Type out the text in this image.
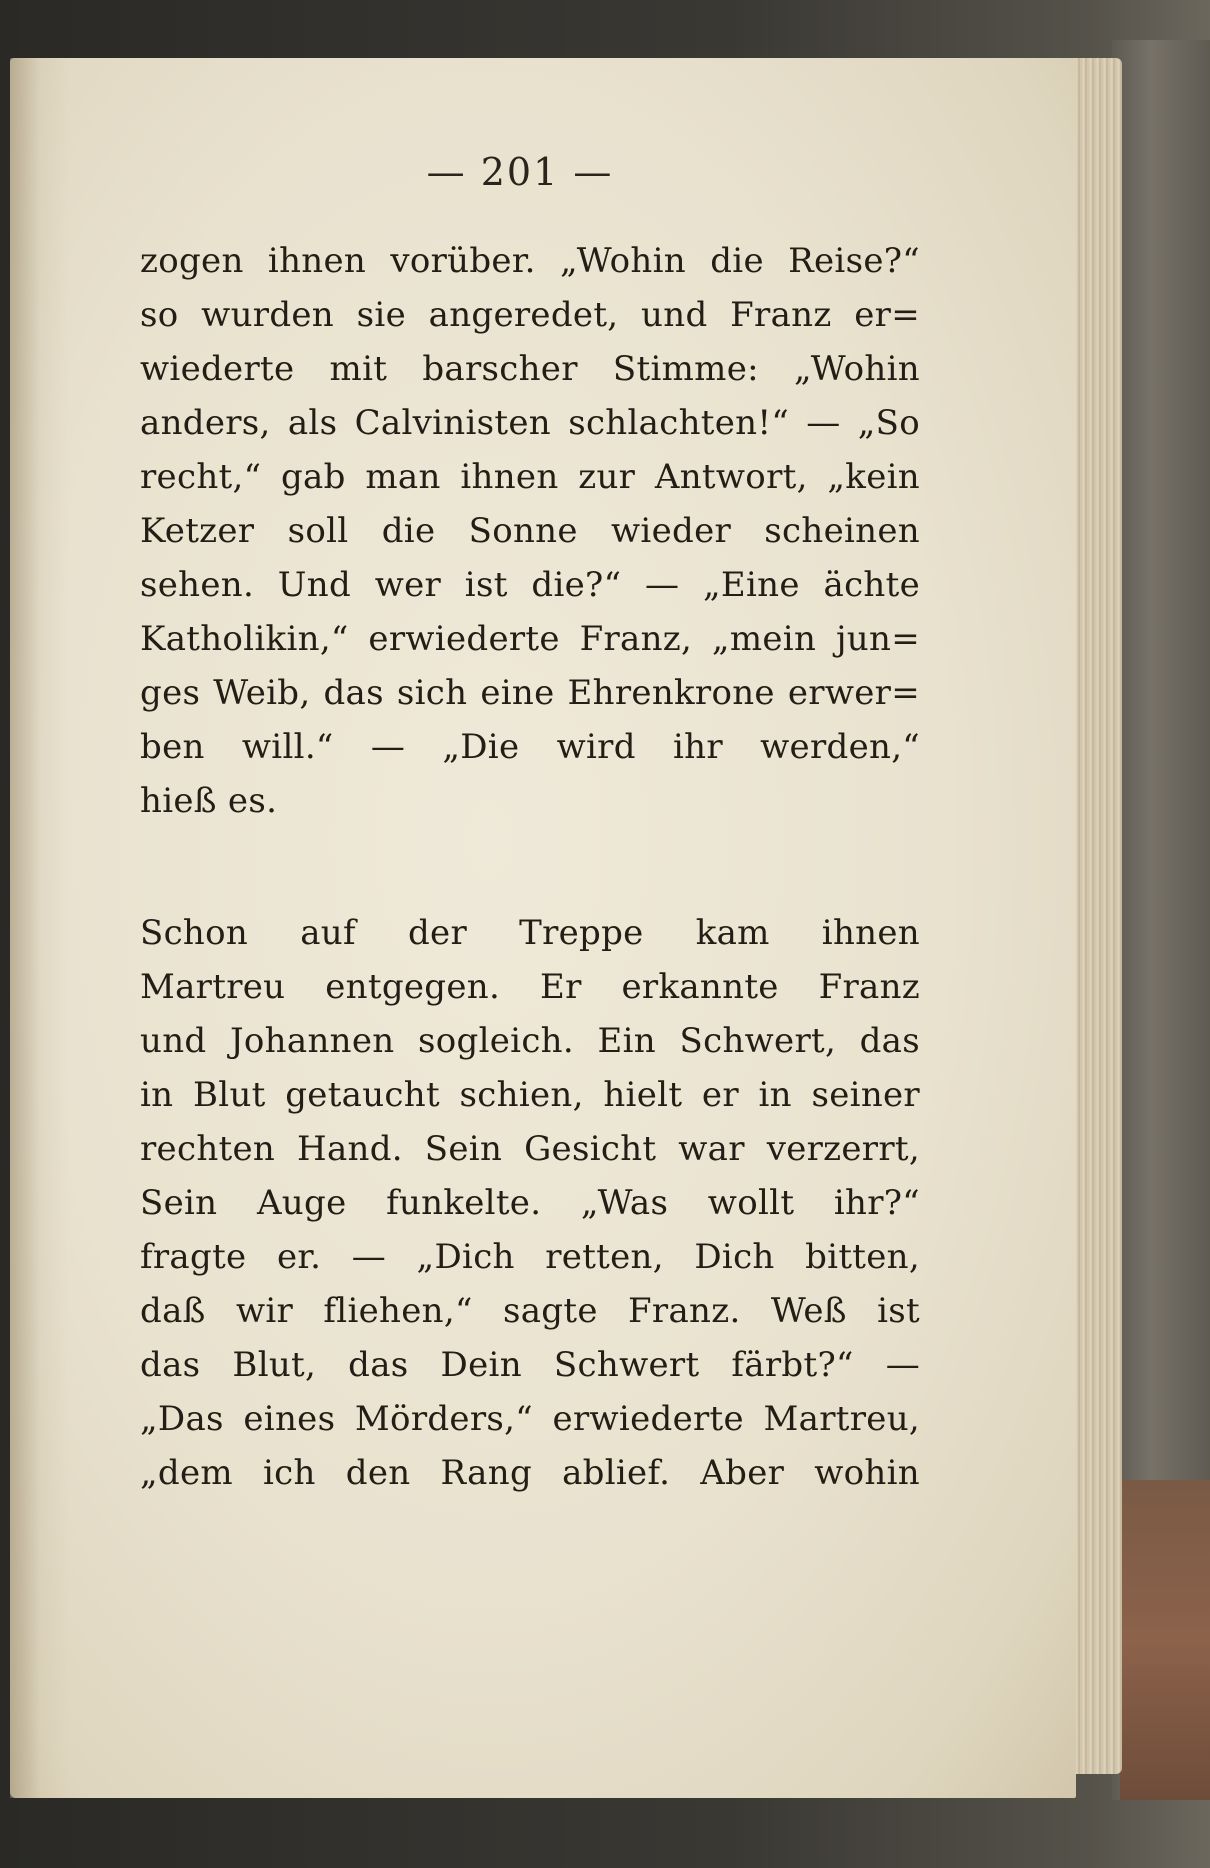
— 201 —
zogen ihnen vorüber. „Wohin die Reise?“
so wurden sie angeredet, und Franz er=
wiederte mit barscher Stimme: „Wohin
anders, als Calvinisten schlachten!“ — „So
recht,“ gab man ihnen zur Antwort, „kein
Ketzer soll die Sonne wieder scheinen
sehen. Und wer ist die?“ — „Eine ächte
Katholikin,“ erwiederte Franz, „mein jun=
ges Weib, das sich eine Ehrenkrone erwer=
ben will.“ — „Die wird ihr werden,“
hieß es.
Schon auf der Treppe kam ihnen
Martreu entgegen. Er erkannte Franz
und Johannen sogleich. Ein Schwert, das
in Blut getaucht schien, hielt er in seiner
rechten Hand. Sein Gesicht war verzerrt,
Sein Auge funkelte. „Was wollt ihr?“
fragte er. — „Dich retten, Dich bitten,
daß wir fliehen,“ sagte Franz. Weß ist
das Blut, das Dein Schwert färbt?“ —
„Das eines Mörders,“ erwiederte Martreu,
„dem ich den Rang ablief. Aber wohin
